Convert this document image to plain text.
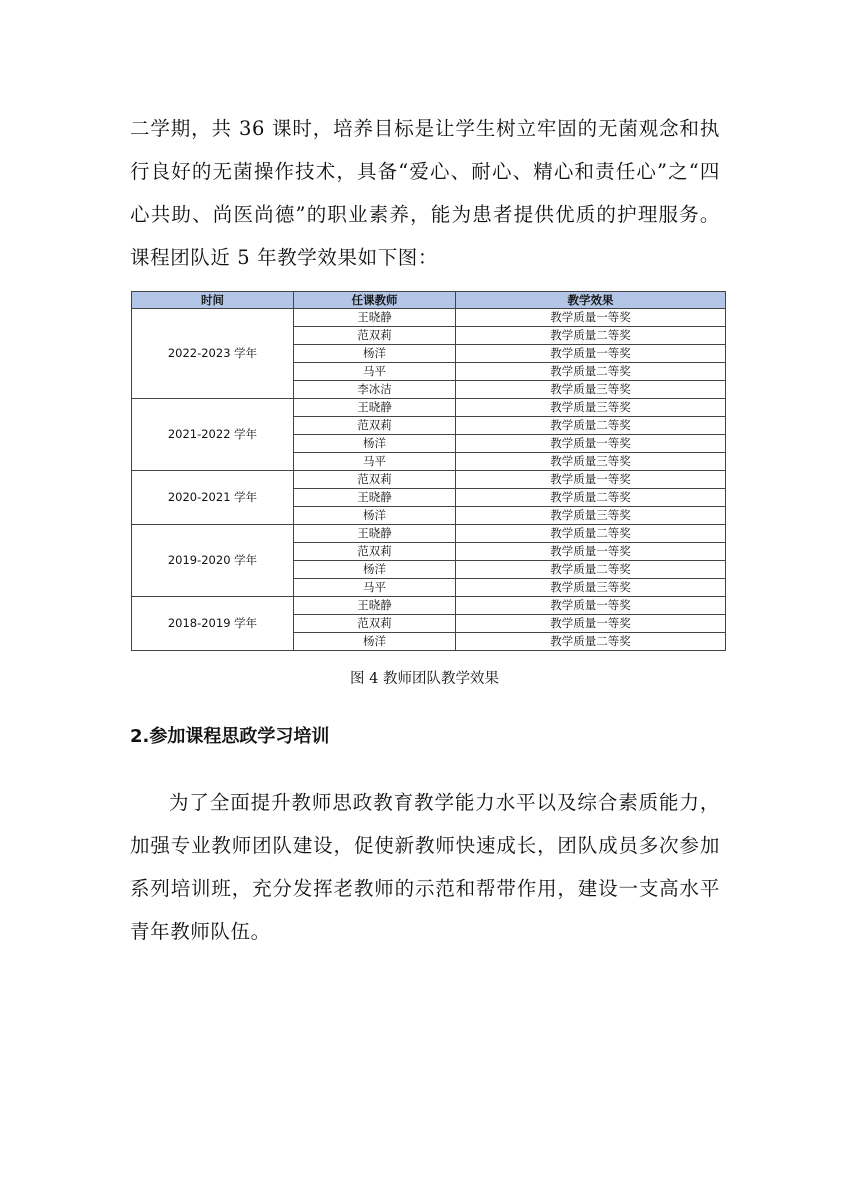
二学期，共 36 课时，培养目标是让学生树立牢固的无菌观念和执行良好的无菌操作技术，具备“爱心、耐心、精心和责任心”之“四心共助、尚医尚德”的职业素养，能为患者提供优质的护理服务。课程团队近 5 年教学效果如下图：

时间	任课教师	教学效果
2022-2023 学年	王晓静	教学质量一等奖
	范双莉	教学质量二等奖
	杨洋	教学质量一等奖
	马平	教学质量二等奖
	李冰洁	教学质量三等奖
2021-2022 学年	王晓静	教学质量三等奖
	范双莉	教学质量二等奖
	杨洋	教学质量一等奖
	马平	教学质量三等奖
2020-2021 学年	范双莉	教学质量一等奖
	王晓静	教学质量二等奖
	杨洋	教学质量三等奖
2019-2020 学年	王晓静	教学质量二等奖
	范双莉	教学质量一等奖
	杨洋	教学质量二等奖
	马平	教学质量三等奖
2018-2019 学年	王晓静	教学质量一等奖
	范双莉	教学质量一等奖
	杨洋	教学质量二等奖
图 4 教师团队教学效果
2.参加课程思政学习培训

为了全面提升教师思政教育教学能力水平以及综合素质能力，加强专业教师团队建设，促使新教师快速成长，团队成员多次参加系列培训班，充分发挥老教师的示范和帮带作用，建设一支高水平青年教师队伍。
